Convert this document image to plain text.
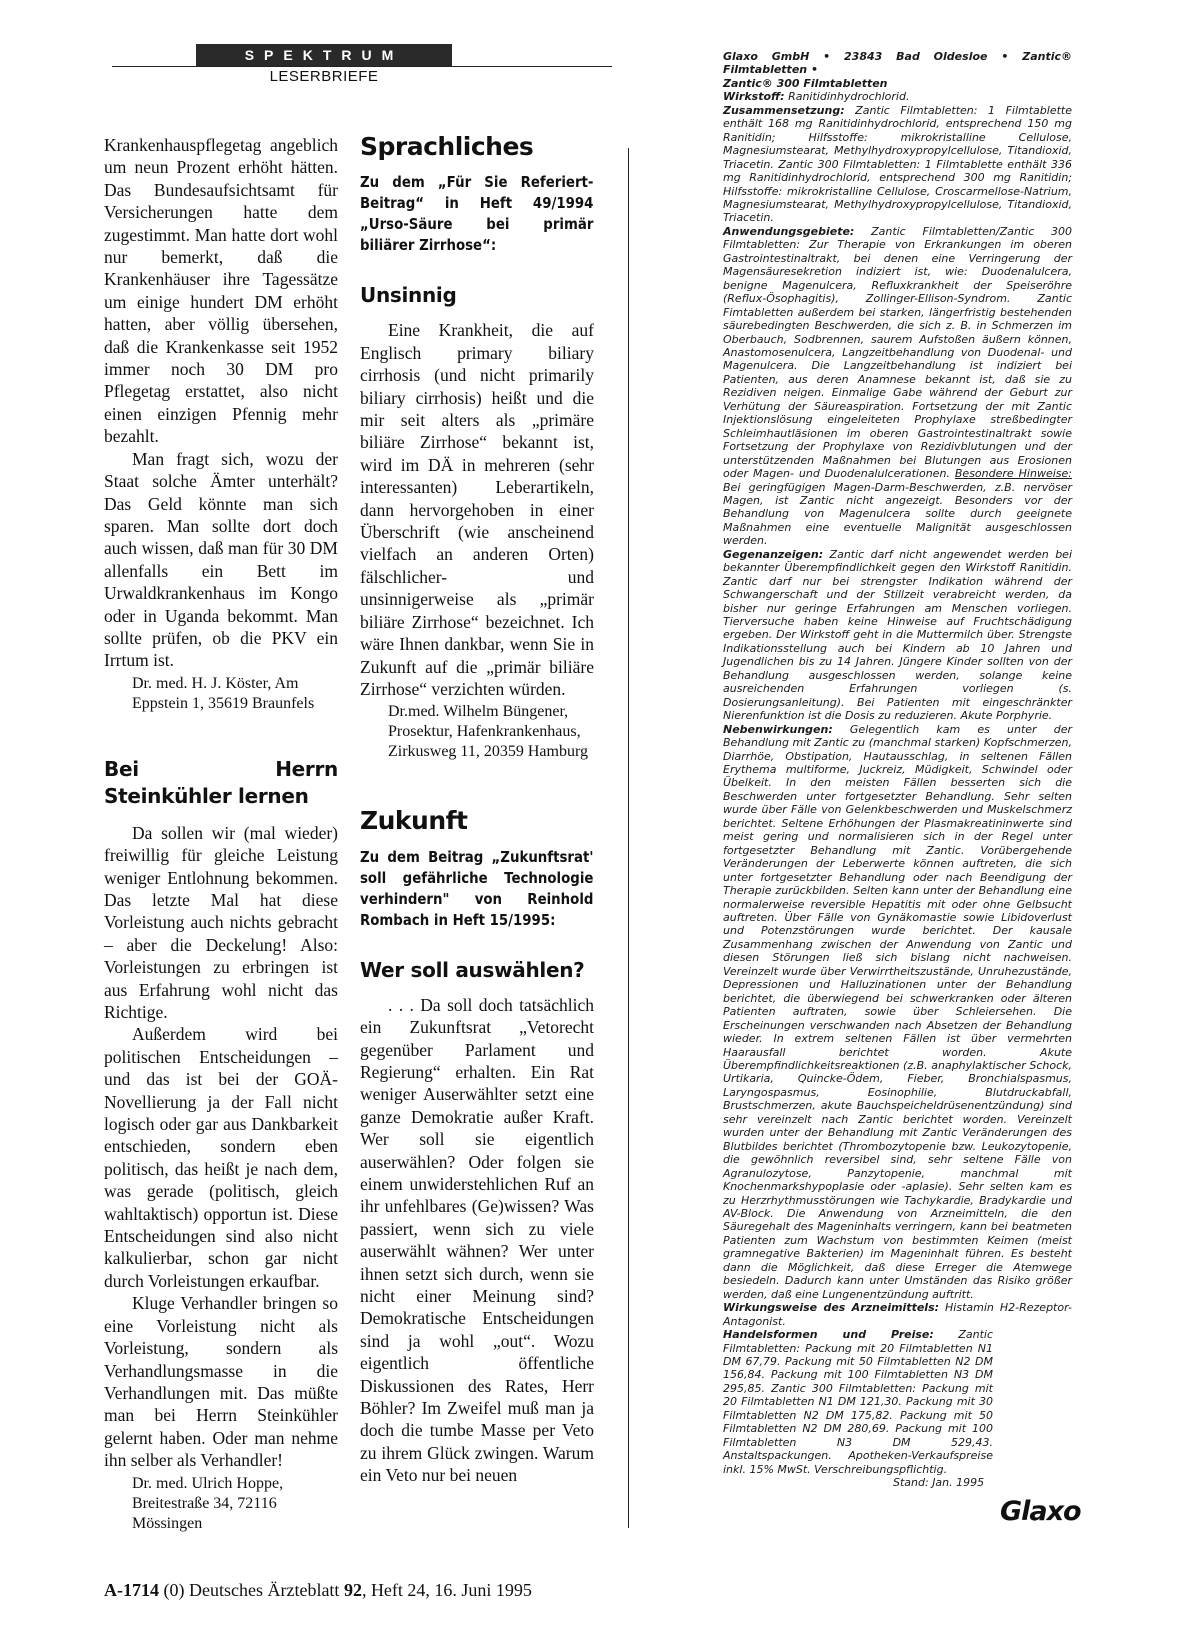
SPEKTRUM
LESERBRIEFE

Krankenhauspflegetag angeblich um neun Prozent erhöht hätten. Das Bundesaufsichtsamt für Versicherungen hatte dem zugestimmt. Man hatte dort wohl nur bemerkt, daß die Krankenhäuser ihre Tagessätze um einige hundert DM erhöht hatten, aber völlig übersehen, daß die Krankenkasse seit 1952 immer noch 30 DM pro Pflegetag erstattet, also nicht einen einzigen Pfennig mehr bezahlt.

Man fragt sich, wozu der Staat solche Ämter unterhält? Das Geld könnte man sich sparen. Man sollte dort doch auch wissen, daß man für 30 DM allenfalls ein Bett im Urwaldkrankenhaus im Kongo oder in Uganda bekommt. Man sollte prüfen, ob die PKV ein Irrtum ist.

Dr. med. H. J. Köster, Am Eppstein 1, 35619 Braunfels
Bei Herrn Steinkühler lernen

Da sollen wir (mal wieder) freiwillig für gleiche Leistung weniger Entlohnung bekommen. Das letzte Mal hat diese Vorleistung auch nichts gebracht – aber die Deckelung! Also: Vorleistungen zu erbringen ist aus Erfahrung wohl nicht das Richtige.

Außerdem wird bei politischen Entscheidungen – und das ist bei der GOÄ-Novellierung ja der Fall nicht logisch oder gar aus Dankbarkeit entschieden, sondern eben politisch, das heißt je nach dem, was gerade (politisch, gleich wahltaktisch) opportun ist. Diese Entscheidungen sind also nicht kalkulierbar, schon gar nicht durch Vorleistungen erkaufbar.

Kluge Verhandler bringen so eine Vorleistung nicht als Vorleistung, sondern als Verhandlungsmasse in die Verhandlungen mit. Das müßte man bei Herrn Steinkühler gelernt haben. Oder man nehme ihn selber als Verhandler!

Dr. med. Ulrich Hoppe, Breitestraße 34, 72116 Mössingen
Sprachliches
Zu dem „Für Sie Referiert-Beitrag“ in Heft 49/1994 „Urso-Säure bei primär biliärer Zirrhose“:
Unsinnig

Eine Krankheit, die auf Englisch primary biliary cirrhosis (und nicht primarily biliary cirrhosis) heißt und die mir seit alters als „primäre biliäre Zirrhose“ bekannt ist, wird im DÄ in mehreren (sehr interessanten) Leberartikeln, dann hervorgehoben in einer Überschrift (wie anscheinend vielfach an anderen Orten) fälschlicher- und unsinnigerweise als „primär biliäre Zirrhose“ bezeichnet. Ich wäre Ihnen dankbar, wenn Sie in Zukunft auf die „primär biliäre Zirrhose“ verzichten würden.

Dr.med. Wilhelm Büngener, Prosektur, Hafenkrankenhaus, Zirkusweg 11, 20359 Hamburg
Zukunft
Zu dem Beitrag „Zukunftsrat' soll gefährliche Technologie verhindern" von Reinhold Rombach in Heft 15/1995:
Wer soll auswählen?

. . . Da soll doch tatsächlich ein Zukunftsrat „Vetorecht gegenüber Parlament und Regierung“ erhalten. Ein Rat weniger Auserwählter setzt eine ganze Demokratie außer Kraft. Wer soll sie eigentlich auserwählen? Oder folgen sie einem unwiderstehlichen Ruf an ihr unfehlbares (Ge)wissen? Was passiert, wenn sich zu viele auserwählt wähnen? Wer unter ihnen setzt sich durch, wenn sie nicht einer Meinung sind? Demokratische Entscheidungen sind ja wohl „out“. Wozu eigentlich öffentliche Diskussionen des Rates, Herr Böhler? Im Zweifel muß man ja doch die tumbe Masse per Veto zu ihrem Glück zwingen. Warum ein Veto nur bei neuen

Glaxo GmbH • 23843 Bad Oldesloe • Zantic® Filmtabletten •

Zantic® 300 Filmtabletten

Wirkstoff: Ranitidinhydrochlorid.

Zusammensetzung: Zantic Filmtabletten: 1 Filmtablette enthält 168 mg Ranitidinhydrochlorid, entsprechend 150 mg Ranitidin; Hilfsstoffe: mikrokristalline Cellulose, Magnesiumstearat, Methylhydroxypropylcellulose, Titandioxid, Triacetin. Zantic 300 Filmtabletten: 1 Filmtablette enthält 336 mg Ranitidinhydrochlorid, entsprechend 300 mg Ranitidin; Hilfsstoffe: mikrokristalline Cellulose, Croscarmellose-Natrium, Magnesiumstearat, Methylhydroxypropylcellulose, Titandioxid, Triacetin.

Anwendungsgebiete: Zantic Filmtabletten/Zantic 300 Filmtabletten: Zur Therapie von Erkrankungen im oberen Gastrointestinaltrakt, bei denen eine Verringerung der Magensäuresekretion indiziert ist, wie: Duodenalulcera, benigne Magenulcera, Refluxkrankheit der Speiseröhre (Reflux-Ösophagitis), Zollinger-Ellison-Syndrom. Zantic Fimtabletten außerdem bei starken, längerfristig bestehenden säurebedingten Beschwerden, die sich z. B. in Schmerzen im Oberbauch, Sodbrennen, saurem Aufstoßen äußern können, Anastomosenulcera, Langzeitbehandlung von Duodenal- und Magenulcera. Die Langzeitbehandlung ist indiziert bei Patienten, aus deren Anamnese bekannt ist, daß sie zu Rezidiven neigen. Einmalige Gabe während der Geburt zur Verhütung der Säureaspiration. Fortsetzung der mit Zantic Injektionslösung eingeleiteten Prophylaxe streßbedingter Schleimhautläsionen im oberen Gastrointestinaltrakt sowie Fortsetzung der Prophylaxe von Rezidivblutungen und der unterstützenden Maßnahmen bei Blutungen aus Erosionen oder Magen- und Duodenalulcerationen. Besondere Hinweise: Bei geringfügigen Magen-Darm-Beschwerden, z.B. nervöser Magen, ist Zantic nicht angezeigt. Besonders vor der Behandlung von Magenulcera sollte durch geeignete Maßnahmen eine eventuelle Malignität ausgeschlossen werden.

Gegenanzeigen: Zantic darf nicht angewendet werden bei bekannter Überempfindlichkeit gegen den Wirkstoff Ranitidin. Zantic darf nur bei strengster Indikation während der Schwangerschaft und der Stillzeit verabreicht werden, da bisher nur geringe Erfahrungen am Menschen vorliegen. Tierversuche haben keine Hinweise auf Fruchtschädigung ergeben. Der Wirkstoff geht in die Muttermilch über. Strengste Indikationsstellung auch bei Kindern ab 10 Jahren und Jugendlichen bis zu 14 Jahren. Jüngere Kinder sollten von der Behandlung ausgeschlossen werden, solange keine ausreichenden Erfahrungen vorliegen (s. Dosierungsanleitung). Bei Patienten mit eingeschränkter Nierenfunktion ist die Dosis zu reduzieren. Akute Porphyrie.

Nebenwirkungen: Gelegentlich kam es unter der Behandlung mit Zantic zu (manchmal starken) Kopfschmerzen, Diarrhöe, Obstipation, Hautausschlag, in seltenen Fällen Erythema multiforme, Juckreiz, Müdigkeit, Schwindel oder Übelkeit. In den meisten Fällen besserten sich die Beschwerden unter fortgesetzter Behandlung. Sehr selten wurde über Fälle von Gelenkbeschwerden und Muskelschmerz berichtet. Seltene Erhöhungen der Plasmakreatininwerte sind meist gering und normalisieren sich in der Regel unter fortgesetzter Behandlung mit Zantic. Vorübergehende Veränderungen der Leberwerte können auftreten, die sich unter fortgesetzter Behandlung oder nach Beendigung der Therapie zurückbilden. Selten kann unter der Behandlung eine normalerweise reversible Hepatitis mit oder ohne Gelbsucht auftreten. Über Fälle von Gynäkomastie sowie Libidoverlust und Potenzstörungen wurde berichtet. Der kausale Zusammenhang zwischen der Anwendung von Zantic und diesen Störungen ließ sich bislang nicht nachweisen. Vereinzelt wurde über Verwirrtheitszustände, Unruhezustände, Depressionen und Halluzinationen unter der Behandlung berichtet, die überwiegend bei schwerkranken oder älteren Patienten auftraten, sowie über Schleiersehen. Die Erscheinungen verschwanden nach Absetzen der Behandlung wieder. In extrem seltenen Fällen ist über vermehrten Haarausfall berichtet worden. Akute Überempfindlichkeitsreaktionen (z.B. anaphylaktischer Schock, Urtikaria, Quincke-Ödem, Fieber, Bronchialspasmus, Laryngospasmus, Eosinophilie, Blutdruckabfall, Brustschmerzen, akute Bauchspeicheldrüsenentzündung) sind sehr vereinzelt nach Zantic berichtet worden. Vereinzelt wurden unter der Behandlung mit Zantic Veränderungen des Blutbildes berichtet (Thrombozytopenie bzw. Leukozytopenie, die gewöhnlich reversibel sind, sehr seltene Fälle von Agranulozytose, Panzytopenie, manchmal mit Knochenmarkshypoplasie oder -aplasie). Sehr selten kam es zu Herzrhythmusstörungen wie Tachykardie, Bradykardie und AV-Block. Die Anwendung von Arzneimitteln, die den Säuregehalt des Mageninhalts verringern, kann bei beatmeten Patienten zum Wachstum von bestimmten Keimen (meist gramnegative Bakterien) im Mageninhalt führen. Es besteht dann die Möglichkeit, daß diese Erreger die Atemwege besiedeln. Dadurch kann unter Umständen das Risiko größer werden, daß eine Lungenentzündung auftritt.

Wirkungsweise des Arzneimittels: Histamin H2-Rezeptor-Antagonist.

Handelsformen und Preise: Zantic Filmtabletten: Packung mit 20 Filmtabletten N1 DM 67,79. Packung mit 50 Filmtabletten N2 DM 156,84. Packung mit 100 Filmtabletten N3 DM 295,85. Zantic 300 Filmtabletten: Packung mit 20 Filmtabletten N1 DM 121,30. Packung mit 30 Filmtabletten N2 DM 175,82. Packung mit 50 Filmtabletten N2 DM 280,69. Packung mit 100 Filmtabletten N3 DM 529,43. Anstaltspackungen. Apotheken-Verkaufspreise inkl. 15% MwSt. Verschreibungspflichtig.

Stand: Jan. 1995

Glaxo
A-1714 (0) Deutsches Ärzteblatt 92, Heft 24, 16. Juni 1995
